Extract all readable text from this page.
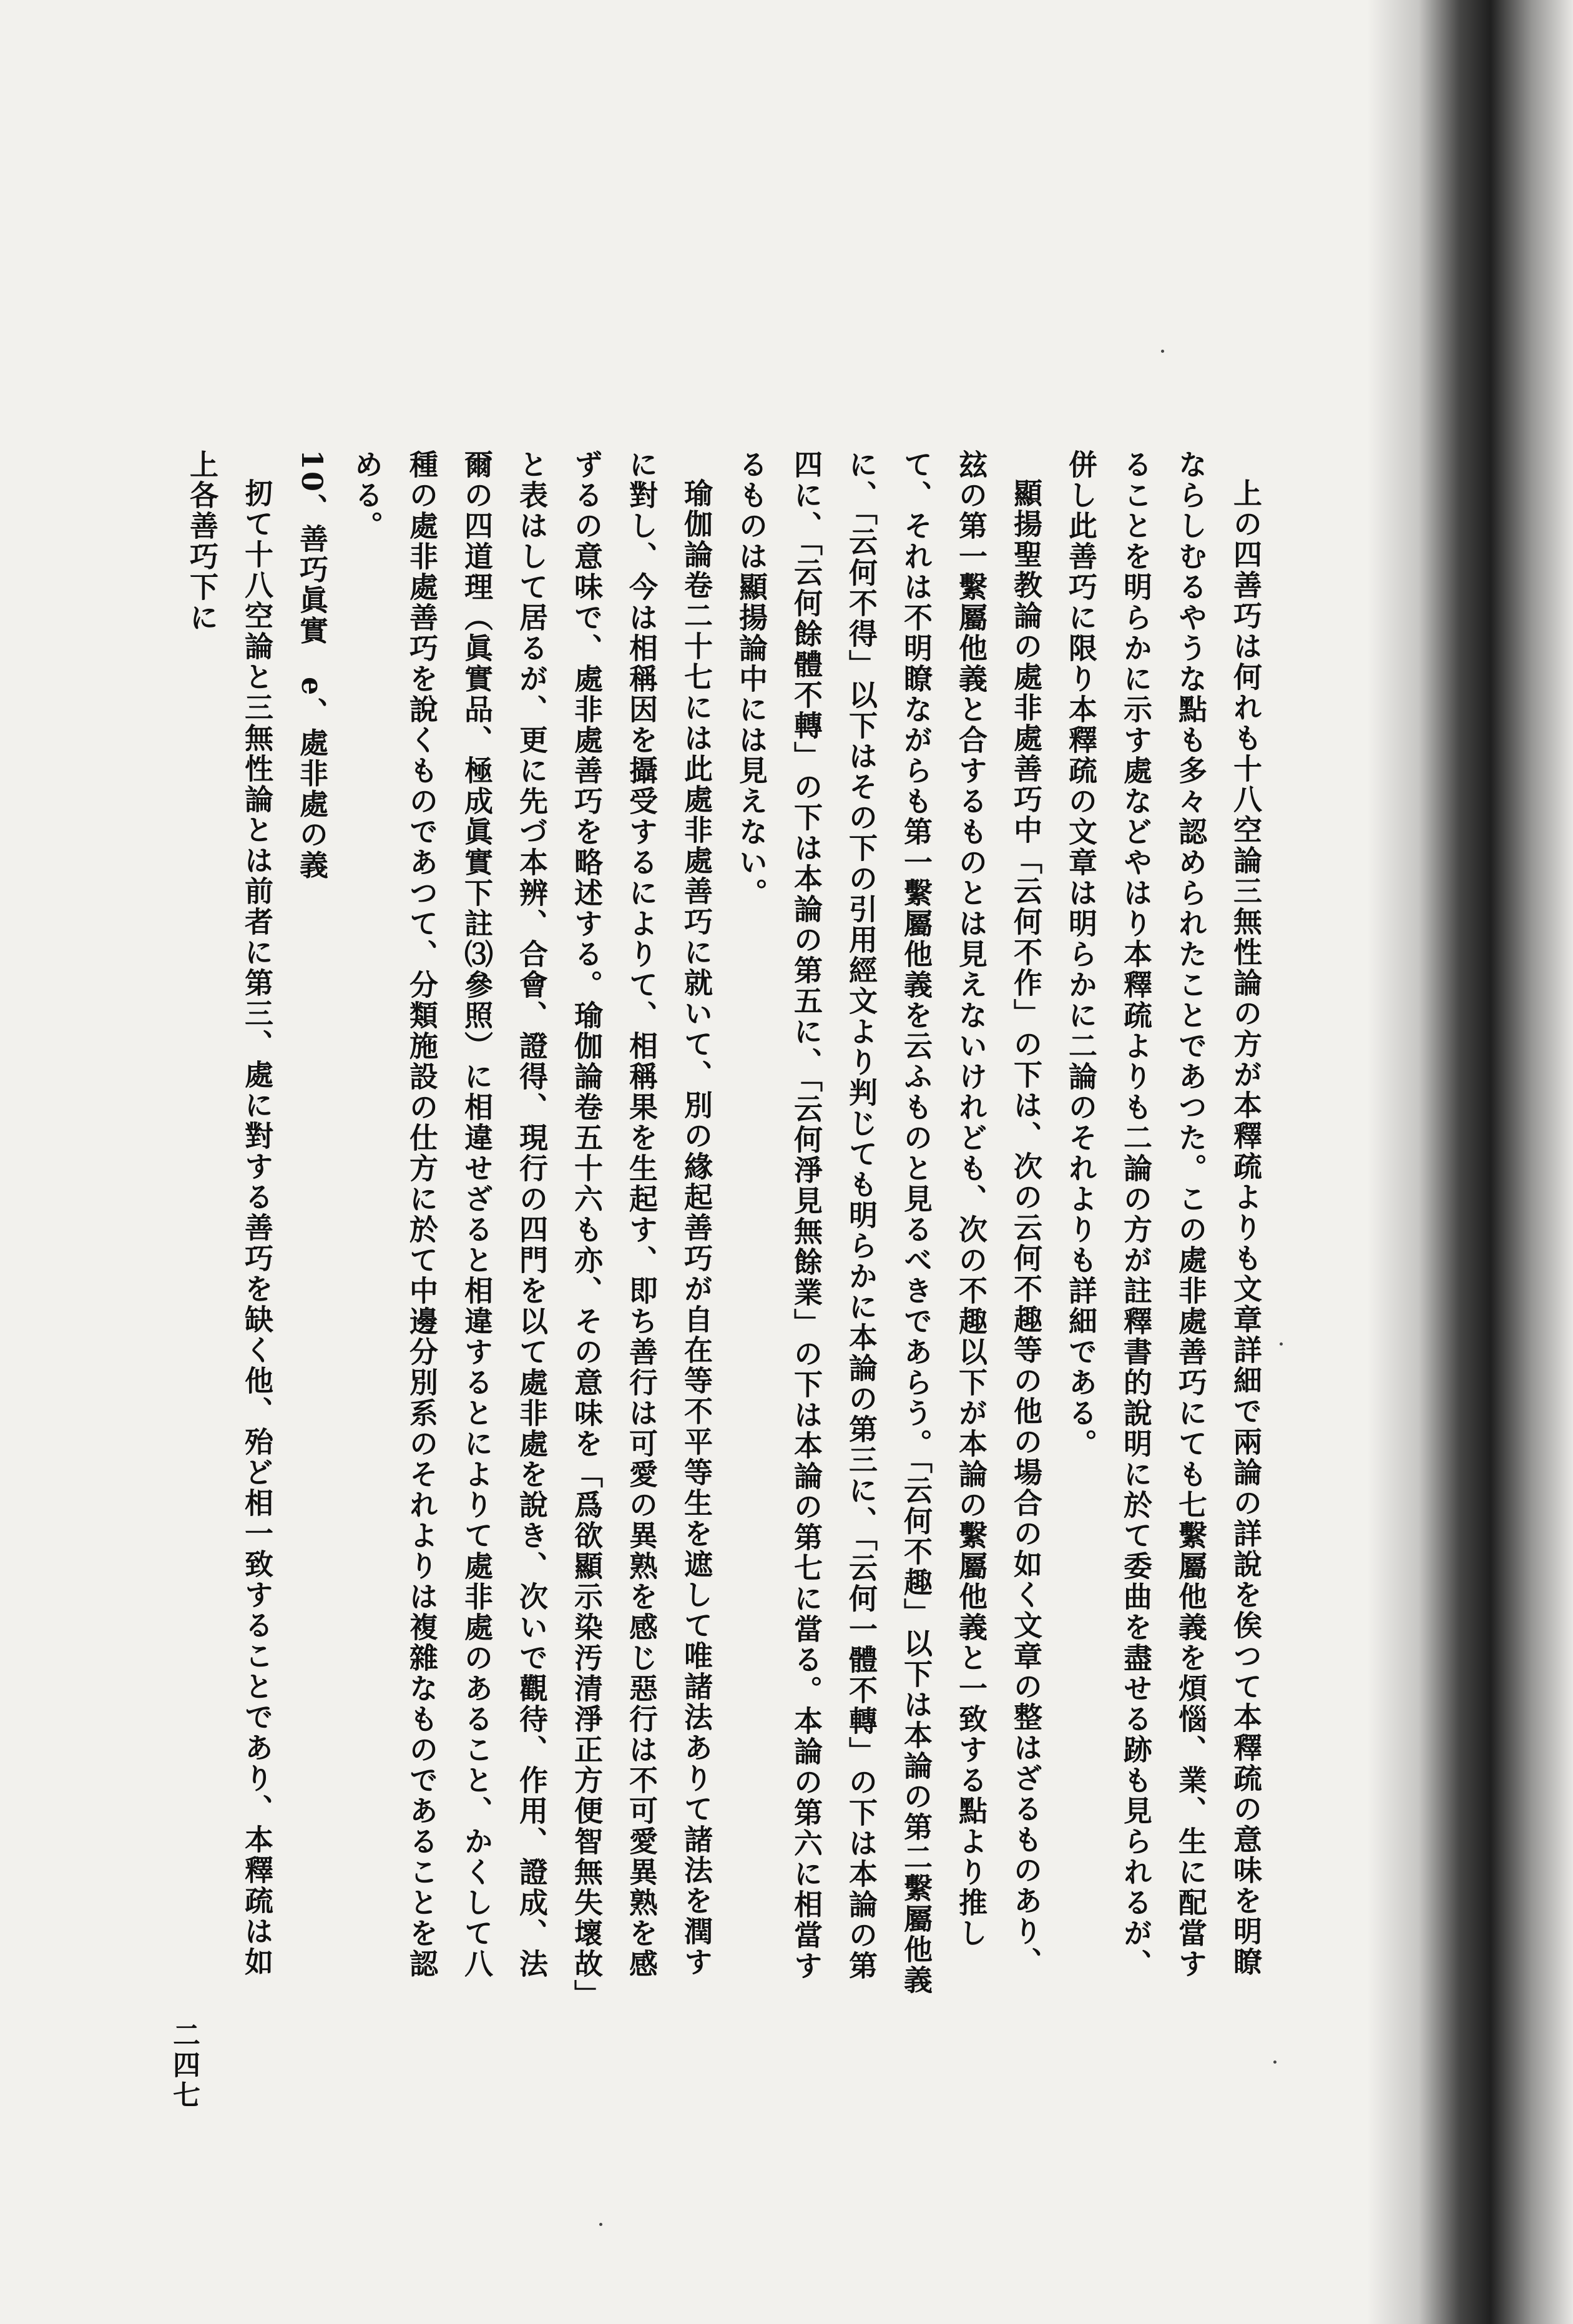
上の四善巧は何れも十八空論三無性論の方が本釋疏よりも文章詳細で兩論の詳說を俟つて本釋疏の意味を明瞭ならしむるやうな點も多々認められたことであつた。この處非處善巧にても七繫屬他義を煩惱、業、生に配當することを明らかに示す處などやはり本釋疏よりも二論の方が註釋書的說明に於て委曲を盡せる跡も見られるが、併し此善巧に限り本釋疏の文章は明らかに二論のそれよりも詳細である。

顯揚聖教論の處非處善巧中「云何不作」の下は、次の云何不趣等の他の場合の如く文章の整はざるものあり、玆の第一繫屬他義と合するものとは見えないけれども、次の不趣以下が本論の繫屬他義と一致する點より推して、それは不明瞭ながらも第一繫屬他義を云ふものと見るべきであらう。「云何不趣」以下は本論の第二繫屬他義に、「云何不得」以下はその下の引用經文より判じても明らかに本論の第三に、「云何一體不轉」の下は本論の第四に、「云何餘體不轉」の下は本論の第五に、「云何淨見無餘業」の下は本論の第七に當る。本論の第六に相當するものは顯揚論中には見えない。

瑜伽論卷二十七には此處非處善巧に就いて、別の緣起善巧が自在等不平等生を遮して唯諸法ありて諸法を潤すに對し、今は相稱因を攝受するによりて、相稱果を生起す、即ち善行は可愛の異熟を感じ惡行は不可愛異熟を感ずるの意味で、處非處善巧を略述する。瑜伽論卷五十六も亦、その意味を「爲欲顯示染汚清淨正方便智無失壞故」と表はして居るが、更に先づ本辨、合會、證得、現行の四門を以て處非處を說き、次いで觀待、作用、證成、法爾の四道理（眞實品、極成眞實下註⑶參照）に相違せざると相違するとによりて處非處のあること、かくして八種の處非處善巧を說くものであつて、分類施設の仕方に於て中邊分別系のそれよりは複雜なものであることを認める。

10、善巧眞實　e、處非處の義

扨て十八空論と三無性論とは前者に第三、處に對する善巧を缺く他、殆ど相一致することであり、本釋疏は如上各善巧下に

二四七
